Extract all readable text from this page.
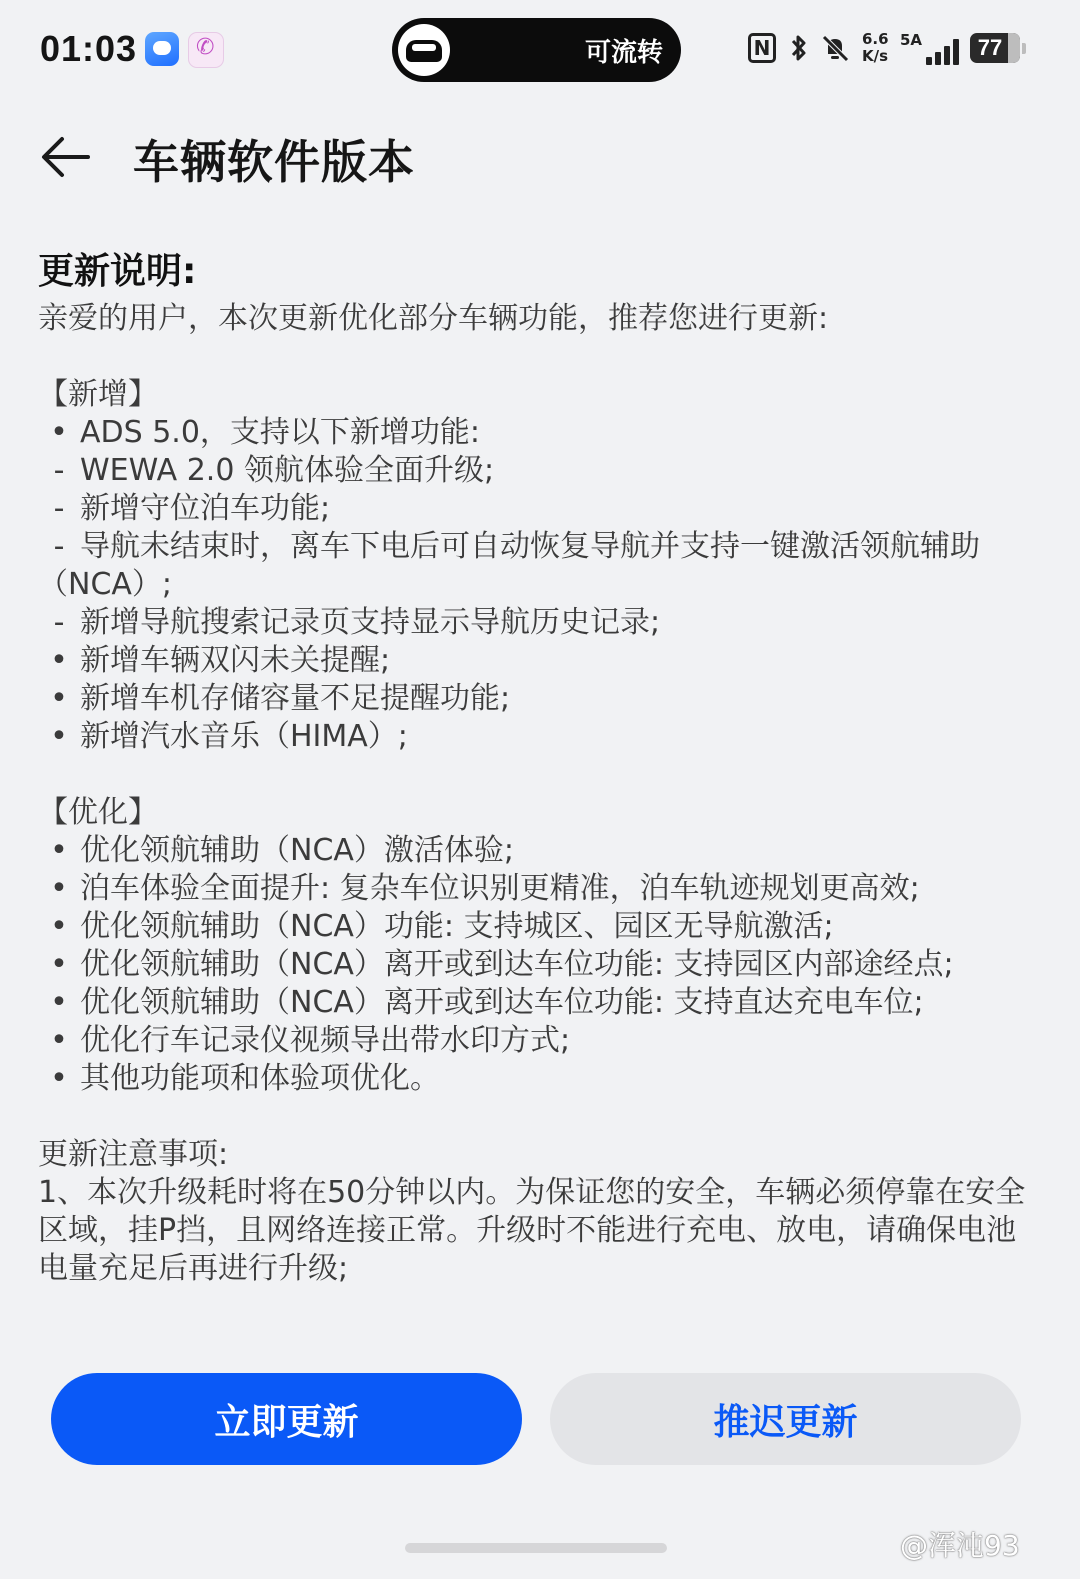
01:03	✆	可流转	N	6.6
K/s
5A	77
车辆软件版本
更新说明:
亲爱的用户，本次更新优化部分车辆功能，推荐您进行更新:
【新增】
• ADS 5.0，支持以下新增功能:
- WEWA 2.0 领航体验全面升级;
- 新增守位泊车功能;
- 导航未结束时，离车下电后可自动恢复导航并支持一键激活领航辅助（NCA）;
- 新增导航搜索记录页支持显示导航历史记录;
• 新增车辆双闪未关提醒;
• 新增车机存储容量不足提醒功能;
• 新增汽水音乐（HIMA）;
【优化】
• 优化领航辅助（NCA）激活体验;
• 泊车体验全面提升: 复杂车位识别更精准，泊车轨迹规划更高效;
• 优化领航辅助（NCA）功能: 支持城区、园区无导航激活;
• 优化领航辅助（NCA）离开或到达车位功能: 支持园区内部途经点;
• 优化领航辅助（NCA）离开或到达车位功能: 支持直达充电车位;
• 优化行车记录仪视频导出带水印方式;
• 其他功能项和体验项优化。
更新注意事项:
1、本次升级耗时将在50分钟以内。为保证您的安全，车辆必须停靠在安全区域，挂P挡，且网络连接正常。升级时不能进行充电、放电，请确保电池电量充足后再进行升级;
立即更新	推迟更新
@浑沌93
